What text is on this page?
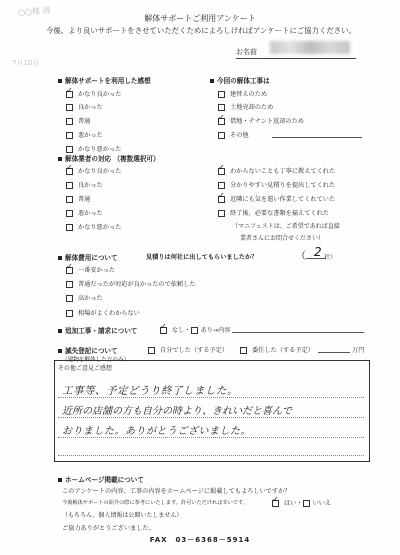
○○様 済
7月10日
解体サポートご利用アンケート
今後、より良いサポートをさせていただくためによろしければアンケートにご協力ください。
お名前
解体サポートを利用した感想
✓かなり良かった
良かった
普通
悪かった
かなり悪かった
今回の解体工事は
建替えのため
土地売却のため
✓借地・テナント返却のため
その他
解体業者の対応 （複数選択可）
✓かなり良かった
良かった
普通
悪かった
かなり悪かった
✓わからないことも丁寧に教えてくれた
分かりやすい見積りを提出してくれた
✓近隣にも気を遣い作業してくれていた
終了後、必要な書類を揃えてくれた
（マニフェストは、ご希望であれば直接
業者さんにお問合せください）
解体費用について	見積りは何社に出してもらいましたか？	（ 2 社）
✓一番安かった
普通だったが対応が良かったので依頼した
高かった
相場がよくわからない
追加工事・請求について ✓	なし・ あり→内容
滅失登記について
（建物を解体した方のみ）
自分でした（する予定）	委任した（する予定）	万円
その他ご意見ご感想
工事等、予定どうり終了しました。
近所の店舗の方も自分の時より、きれいだと喜んで
おりました。ありがとうございました。
ホームページ掲載について
このアンケートの内容、工事の内容をホームページに掲載してもよろしいですか？
今後解体サポートの紹介の際に参考にいたします。許可いただければ幸いです。 ✓	はい・ いいえ
（もちろん、個人情報は公開いたしません）
ご協力ありがとうございました。
FAX　03－6368－5914
